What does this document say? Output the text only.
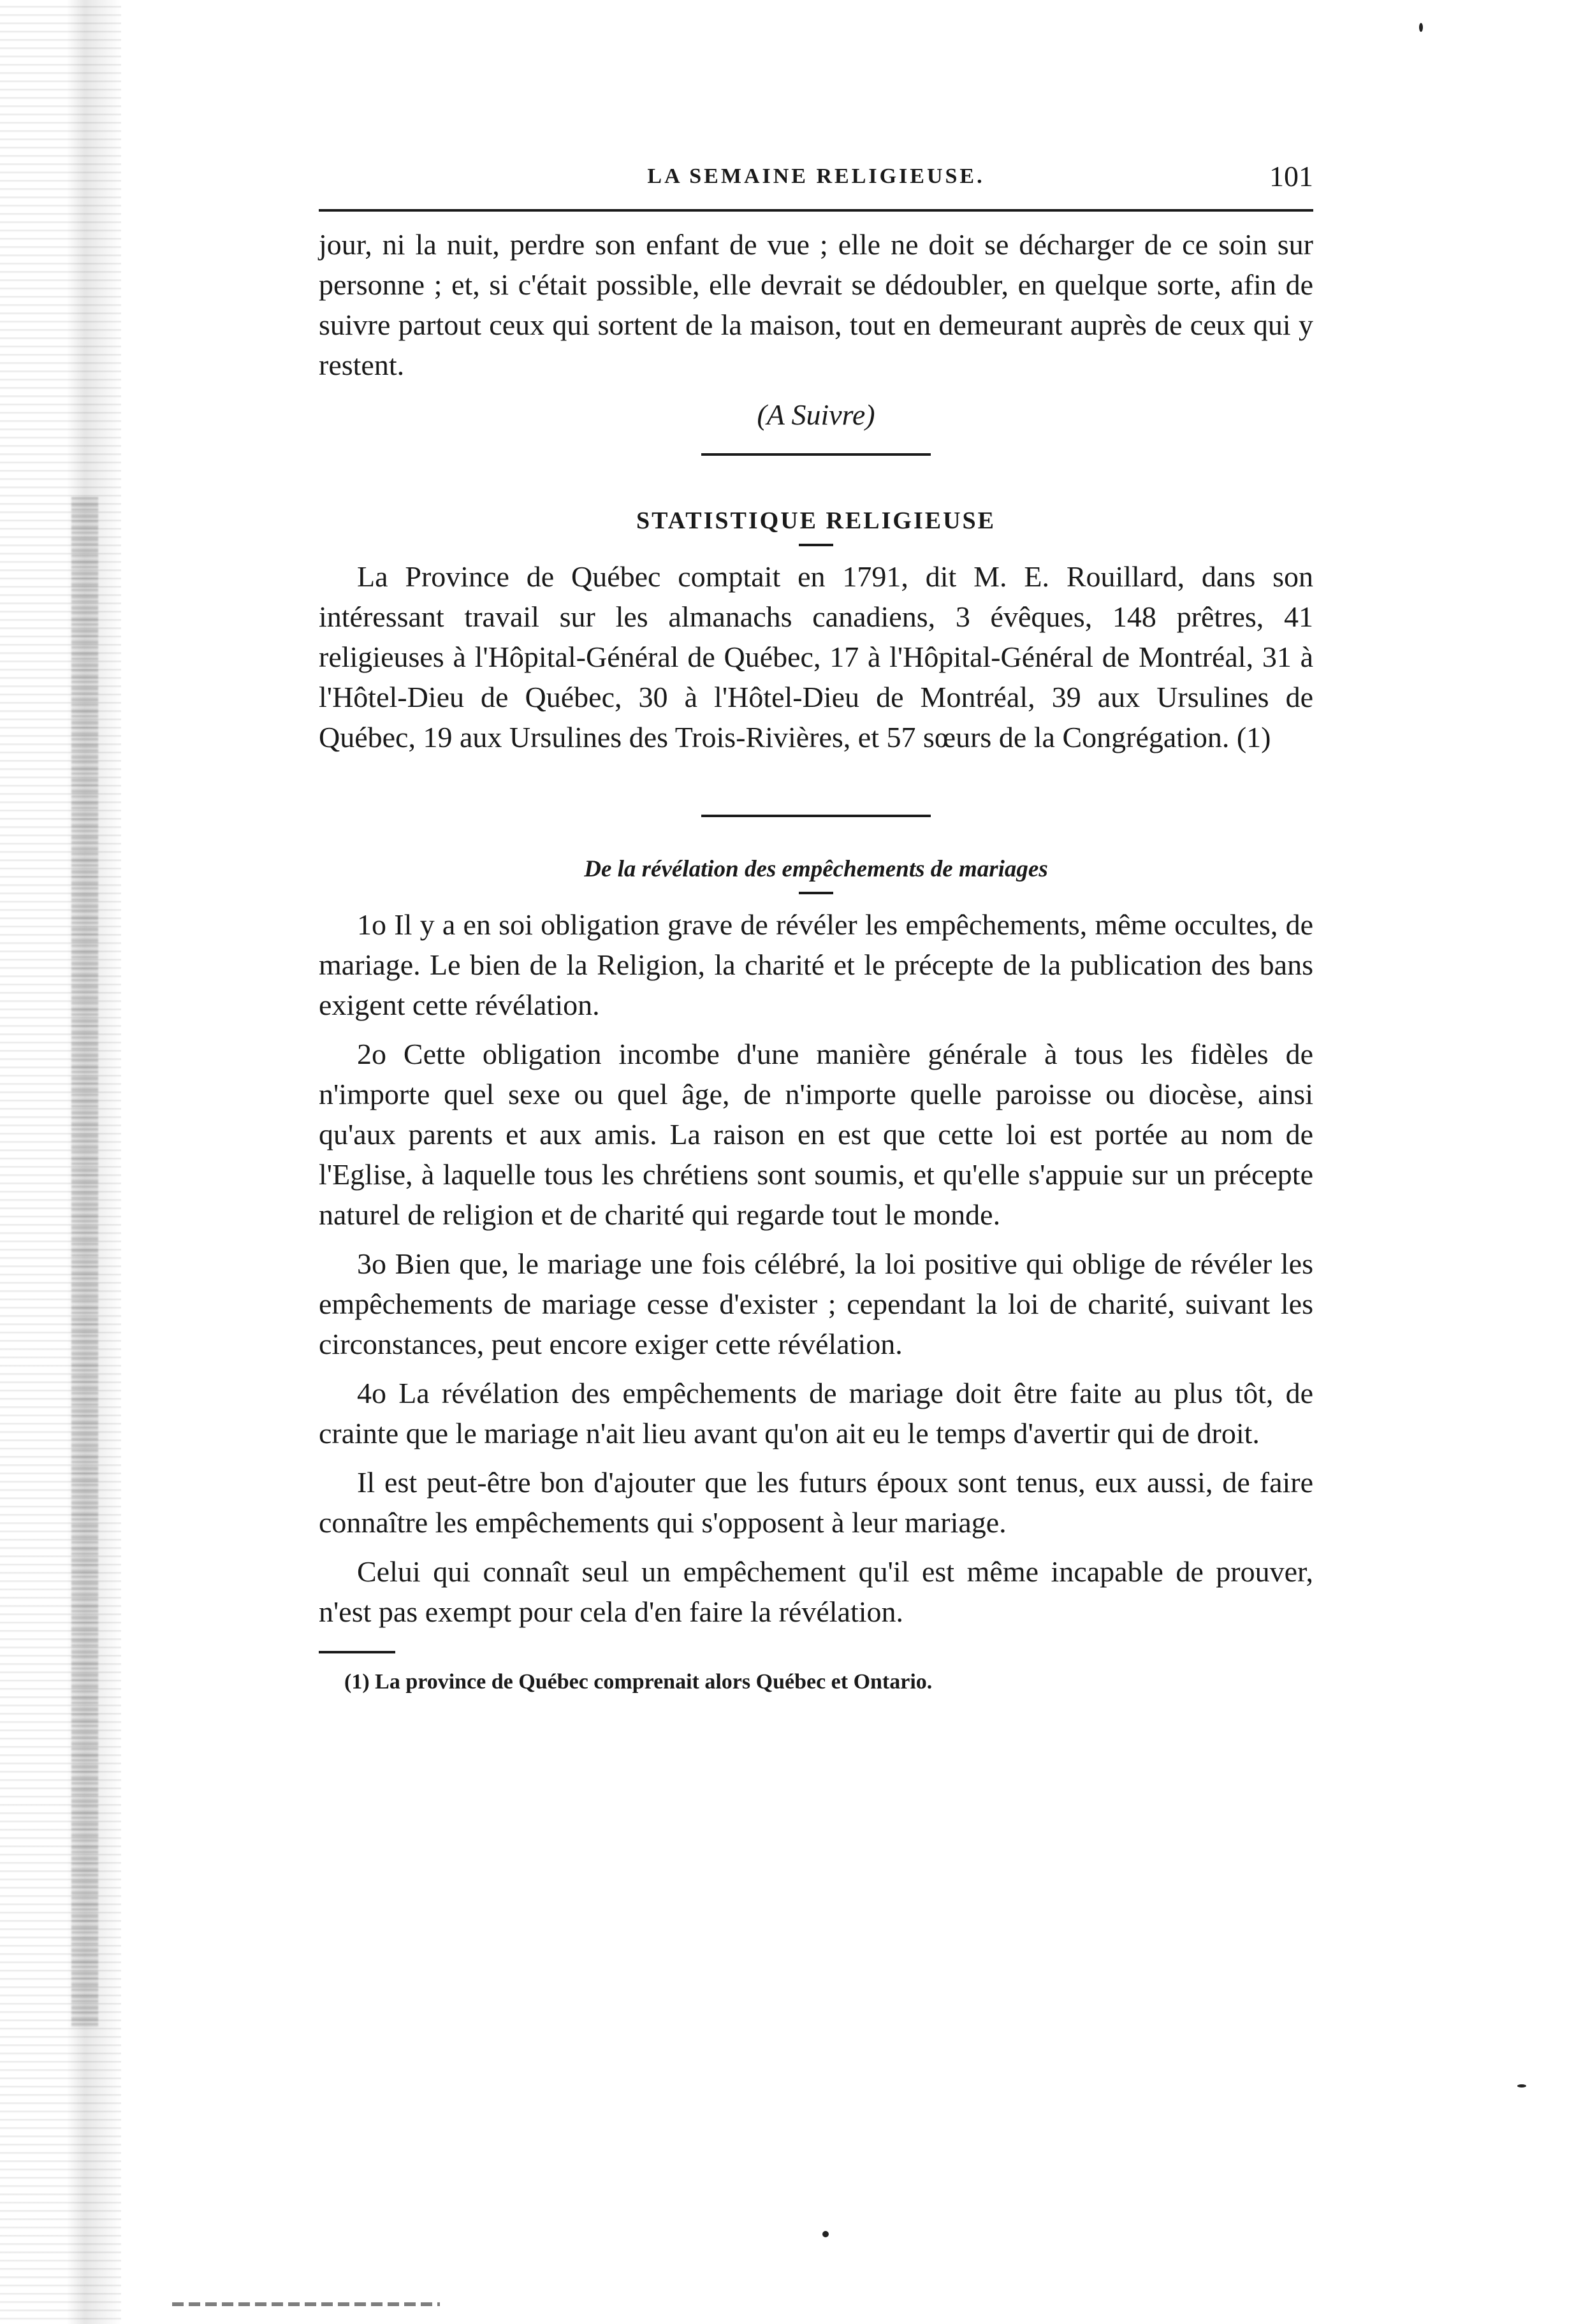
LA SEMAINE RELIGIEUSE.	101

jour, ni la nuit, perdre son enfant de vue ; elle ne doit se décharger de ce soin sur personne ; et, si c'était possible, elle devrait se dédoubler, en quelque sorte, afin de suivre partout ceux qui sortent de la maison, tout en demeurant auprès de ceux qui y restent.

(A Suivre)
STATISTIQUE RELIGIEUSE

La Province de Québec comptait en 1791, dit M. E. Rouillard, dans son intéressant travail sur les almanachs canadiens, 3 évêques, 148 prêtres, 41 religieuses à l'Hôpital-Général de Québec, 17 à l'Hôpital-Général de Montréal, 31 à l'Hôtel-Dieu de Québec, 30 à l'Hôtel-Dieu de Montréal, 39 aux Ursulines de Québec, 19 aux Ursulines des Trois-Rivières, et 57 sœurs de la Congrégation. (1)

De la révélation des empêchements de mariages

1o Il y a en soi obligation grave de révéler les empêchements, même occultes, de mariage. Le bien de la Religion, la charité et le précepte de la publication des bans exigent cette révélation.

2o Cette obligation incombe d'une manière générale à tous les fidèles de n'importe quel sexe ou quel âge, de n'importe quelle paroisse ou diocèse, ainsi qu'aux parents et aux amis. La raison en est que cette loi est portée au nom de l'Eglise, à laquelle tous les chrétiens sont soumis, et qu'elle s'appuie sur un précepte naturel de religion et de charité qui regarde tout le monde.

3o Bien que, le mariage une fois célébré, la loi positive qui oblige de révéler les empêchements de mariage cesse d'exister ; cependant la loi de charité, suivant les circonstances, peut encore exiger cette révélation.

4o La révélation des empêchements de mariage doit être faite au plus tôt, de crainte que le mariage n'ait lieu avant qu'on ait eu le temps d'avertir qui de droit.

Il est peut-être bon d'ajouter que les futurs époux sont tenus, eux aussi, de faire connaître les empêchements qui s'opposent à leur mariage.

Celui qui connaît seul un empêchement qu'il est même incapable de prouver, n'est pas exempt pour cela d'en faire la révélation.

(1) La province de Québec comprenait alors Québec et Ontario.
